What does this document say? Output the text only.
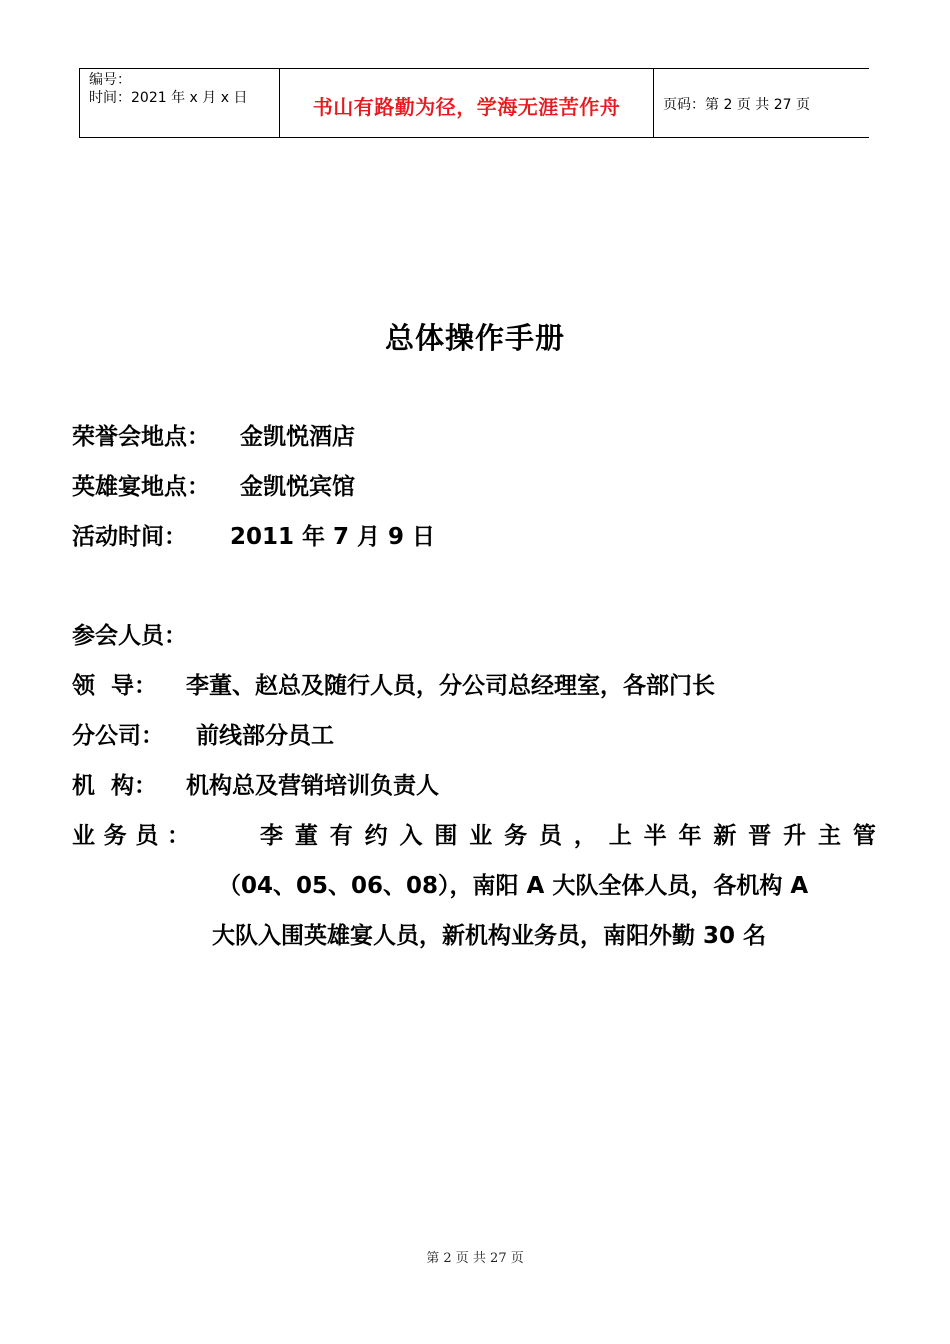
编号：
时间：2021 年 x 月 x 日	书山有路勤为径，学海无涯苦作舟	页码：第 2 页 共 27 页
总体操作手册
荣誉会地点： 金凯悦酒店
英雄宴地点： 金凯悦宾馆
活动时间： 2011 年 7 月 9 日
参会人员：
领  导： 李董、赵总及随行人员，分公司总经理室，各部门长
分公司： 前线部分员工
机  构： 机构总及营销培训负责人
业 务 员 ：	李 董 有 约 入 围 业 务 员 ， 上 半 年 新 晋 升 主 管
（04、05、06、08），南阳 A 大队全体人员，各机构 A
大队入围英雄宴人员，新机构业务员，南阳外勤 30 名
第 2 页 共 27 页
